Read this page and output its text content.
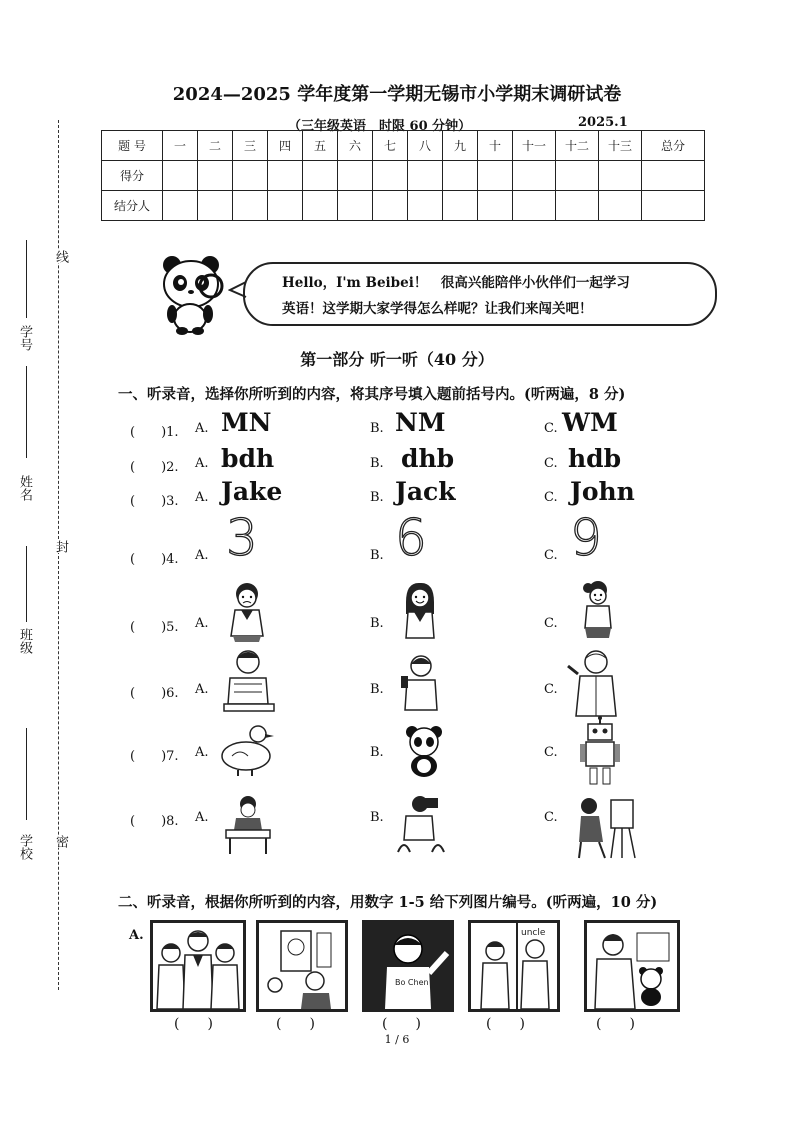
2024—2025 学年度第一学期无锡市小学期末调研试卷
（三年级英语　时限 60 分钟）	2025.1
题 号	一	二	三	四	五	六	七	八	九	十	十一	十二	十三	总分
得分														
结分人														
线
封
密
学号
姓名
班级
学校
Hello，I'm Beibei！　很高兴能陪伴小伙伴们一起学习
英语！这学期大家学得怎么样呢？让我们来闯关吧！
第一部分 听一听（40 分）
一、听录音，选择你所听到的内容，将其序号填入题前括号内。(听两遍，8 分)
(　　)1. A. MN	B. NM	C. WM
(　　)2. A. bdh	B. dhb	C. hdb
(　　)3. A. Jake	B. Jack	C. John
(　　)4. A. 3	B. 6	C. 9
(　　)5. A.	B.	C.
(　　)6. A.	B.	C.
(　　)7. A.	B.	C.
(　　)8. A.	B.	C.
二、听录音，根据你所听到的内容，用数字 1-5 给下列图片编号。(听两遍，10 分)
A.
Bo Chen
uncle
(　　)	(　　)	(　　)	(　　)	(　　)
1 / 6
